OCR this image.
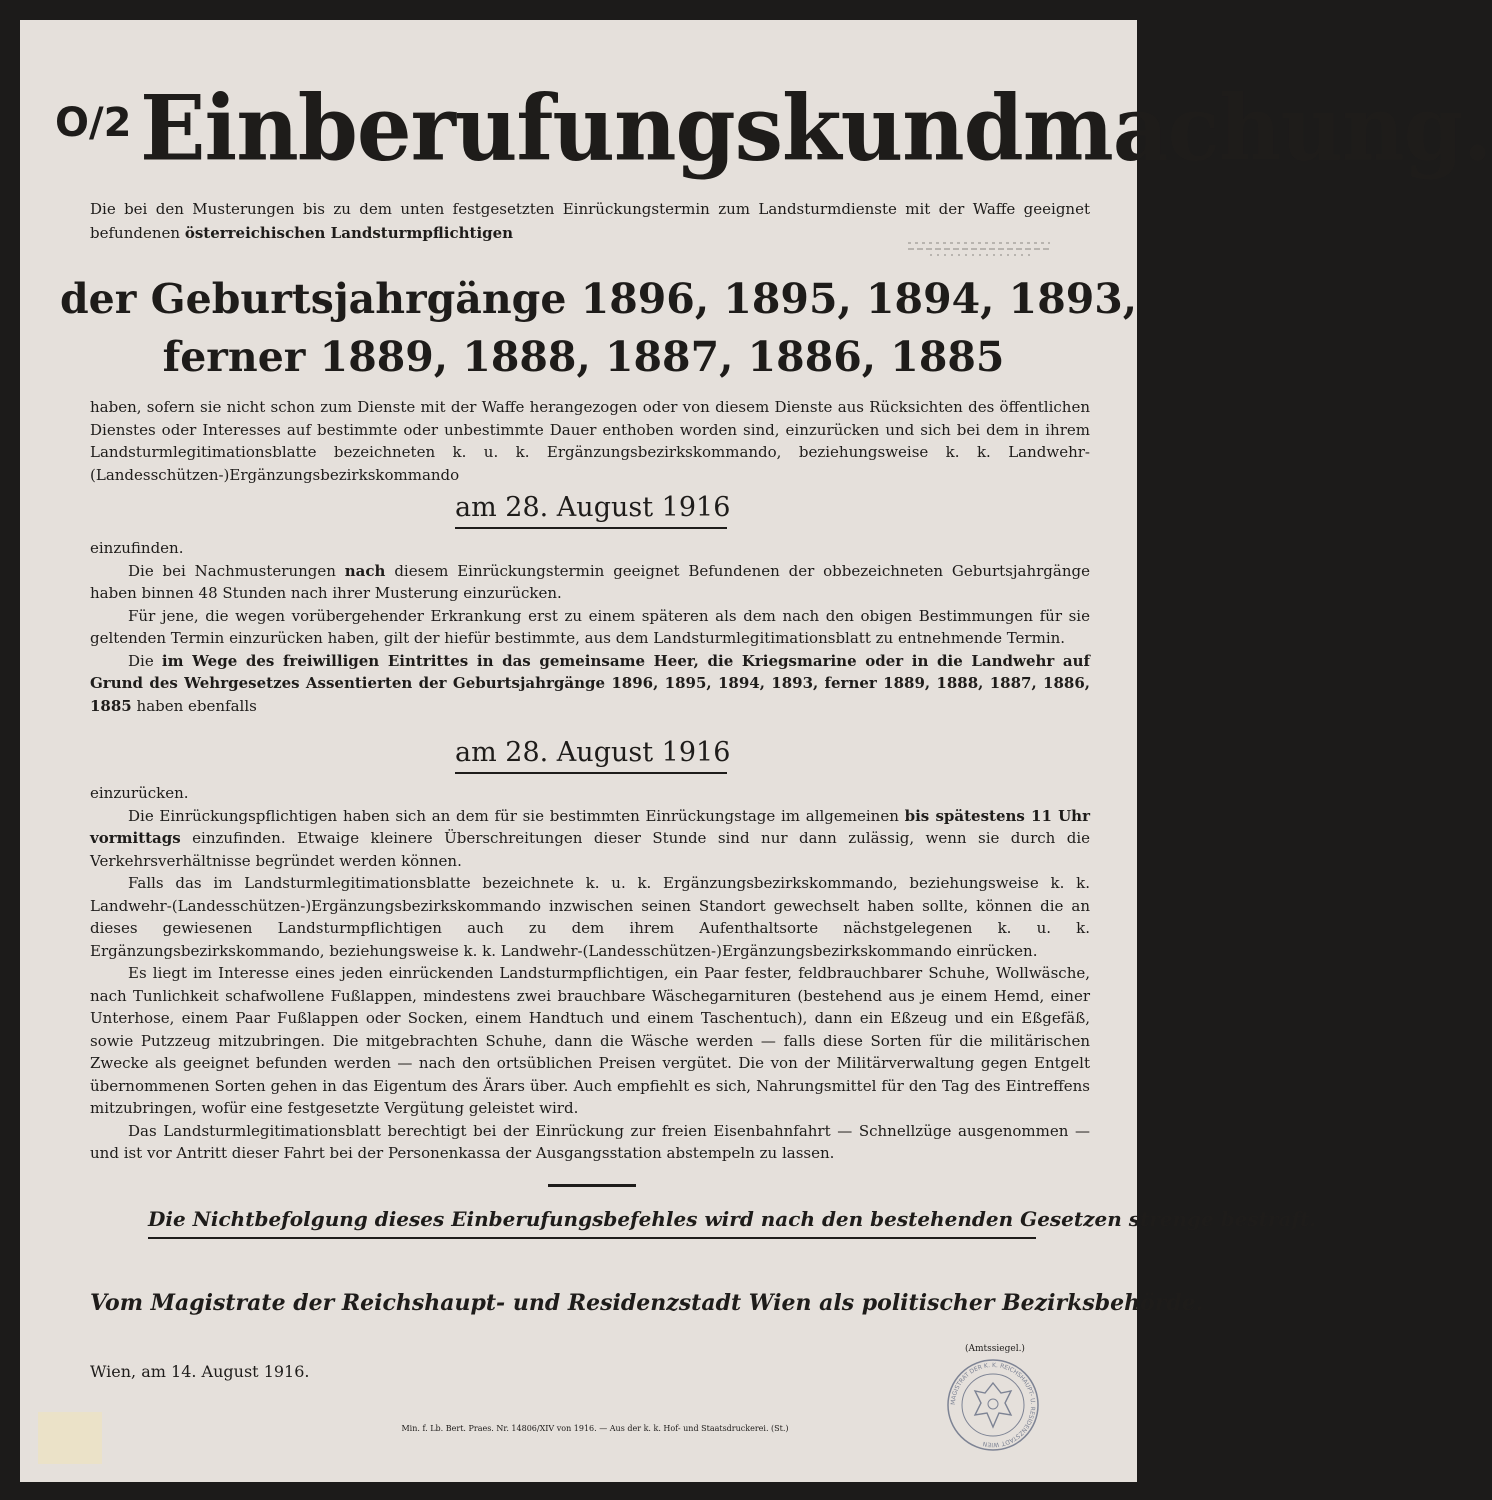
O/2 Einberufungskundmachung.
Die bei den Musterungen bis zu dem unten festgesetzten Einrückungstermin zum Landsturmdienste mit der Waffe geeignet
befundenen österreichischen Landsturmpflichtigen
der Geburtsjahrgänge 1896, 1895, 1894, 1893,
ferner 1889, 1888, 1887, 1886, 1885

haben, sofern sie nicht schon zum Dienste mit der Waffe herangezogen oder von diesem Dienste aus Rücksichten des öffentlichen Dienstes oder Interesses auf bestimmte oder unbestimmte Dauer enthoben worden sind, einzurücken und sich bei dem in ihrem Landsturmlegitimationsblatte bezeichneten k. u. k. Ergänzungsbezirkskommando, beziehungsweise k. k. Landwehr-(Landesschützen-)Ergänzungsbezirkskommando

am 28. August 1916

einzufinden.

Die bei Nachmusterungen nach diesem Einrückungstermin geeignet Befundenen der obbezeichneten Geburtsjahrgänge haben binnen 48 Stunden nach ihrer Musterung einzurücken.

Für jene, die wegen vorübergehender Erkrankung erst zu einem späteren als dem nach den obigen Bestimmungen für sie geltenden Termin einzurücken haben, gilt der hiefür bestimmte, aus dem Landsturmlegitimationsblatt zu entnehmende Termin.

Die im Wege des freiwilligen Eintrittes in das gemeinsame Heer, die Kriegsmarine oder in die Landwehr auf Grund des Wehrgesetzes Assentierten der Geburtsjahrgänge 1896, 1895, 1894, 1893, ferner 1889, 1888, 1887, 1886, 1885 haben ebenfalls

am 28. August 1916

einzurücken.

Die Einrückungspflichtigen haben sich an dem für sie bestimmten Einrückungstage im allgemeinen bis spätestens 11 Uhr vormittags einzufinden. Etwaige kleinere Überschreitungen dieser Stunde sind nur dann zulässig, wenn sie durch die Verkehrsverhältnisse begründet werden können.

Falls das im Landsturmlegitimationsblatte bezeichnete k. u. k. Ergänzungsbezirkskommando, beziehungsweise k. k. Landwehr-(Landesschützen-)Ergänzungsbezirkskommando inzwischen seinen Standort gewechselt haben sollte, können die an dieses gewiesenen Landsturmpflichtigen auch zu dem ihrem Aufenthaltsorte nächstgelegenen k. u. k. Ergänzungsbezirkskommando, beziehungsweise k. k. Landwehr-(Landesschützen-)Ergänzungsbezirkskommando einrücken.

Es liegt im Interesse eines jeden einrückenden Landsturmpflichtigen, ein Paar fester, feldbrauchbarer Schuhe, Wollwäsche, nach Tunlichkeit schafwollene Fußlappen, mindestens zwei brauchbare Wäschegarnituren (bestehend aus je einem Hemd, einer Unterhose, einem Paar Fußlappen oder Socken, einem Handtuch und einem Taschentuch), dann ein Eßzeug und ein Eßgefäß, sowie Putzzeug mitzubringen. Die mitgebrachten Schuhe, dann die Wäsche werden — falls diese Sorten für die militärischen Zwecke als geeignet befunden werden — nach den ortsüblichen Preisen vergütet. Die von der Militärverwaltung gegen Entgelt übernommenen Sorten gehen in das Eigentum des Ärars über. Auch empfiehlt es sich, Nahrungsmittel für den Tag des Eintreffens mitzubringen, wofür eine festgesetzte Vergütung geleistet wird.

Das Landsturmlegitimationsblatt berechtigt bei der Einrückung zur freien Eisenbahnfahrt — Schnellzüge ausgenommen — und ist vor Antritt dieser Fahrt bei der Personenkassa der Ausgangsstation abstempeln zu lassen.

Die Nichtbefolgung dieses Einberufungsbefehles wird nach den bestehenden Gesetzen strenge bestraft.
Vom Magistrate der Reichshaupt- und Residenzstadt Wien als politischer Bezirksbehörde.
Wien, am 14. August 1916.
(Amtssiegel.)
MAGISTRAT DER K. K. REICHSHAUPT- U. RESIDENZSTADT WIEN
Min. f. Lb. Bert. Praes. Nr. 14806/XIV von 1916. — Aus der k. k. Hof- und Staatsdruckerei. (St.)
